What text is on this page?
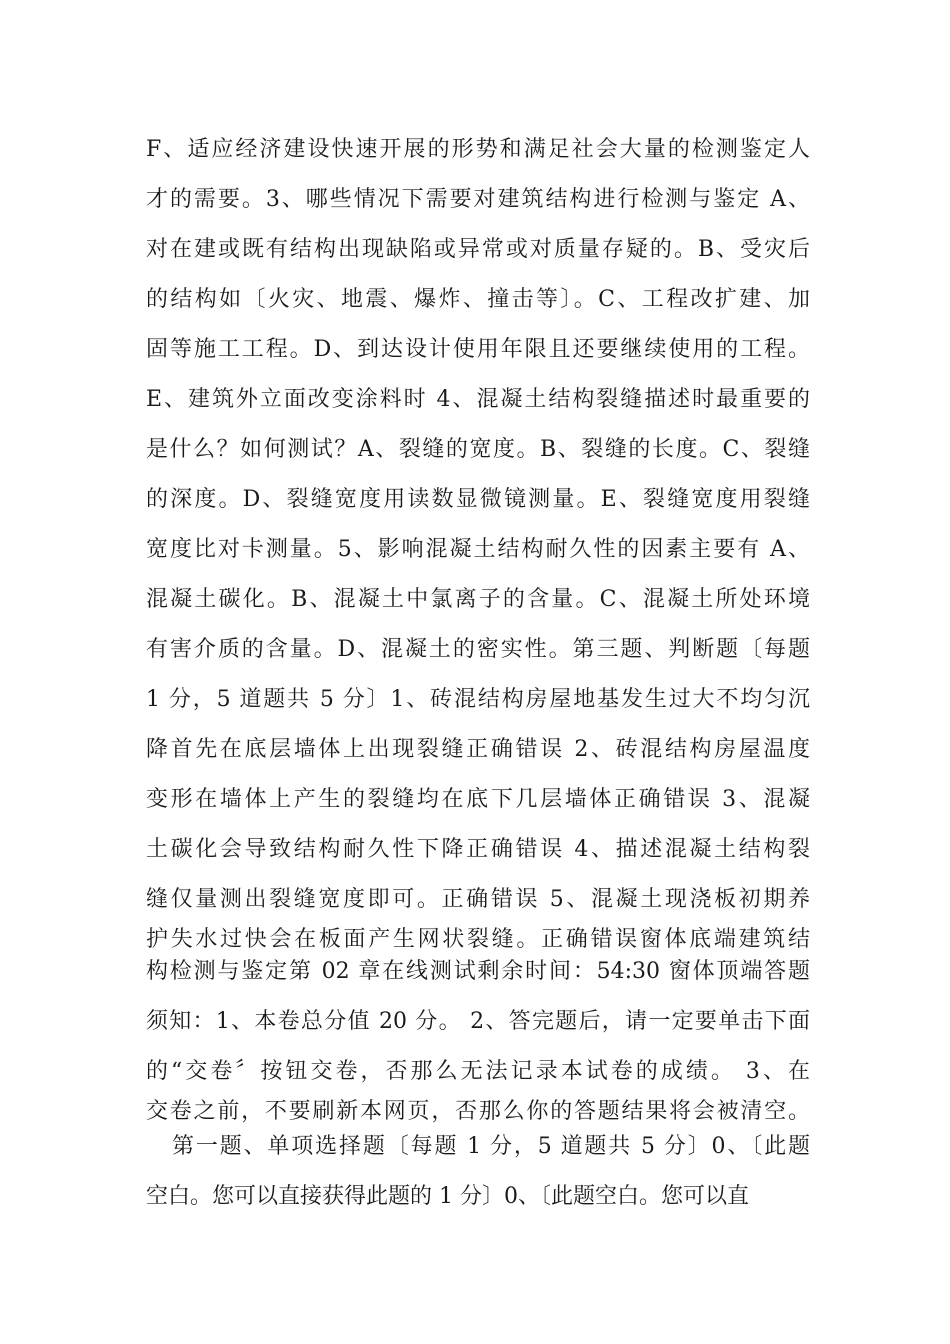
F、适应经济建设快速开展的形势和满足社会大量的检测鉴定人
才的需要。3、哪些情况下需要对建筑结构进行检测与鉴定 A、
对在建或既有结构出现缺陷或异常或对质量存疑的。B、受灾后
的结构如〔火灾、地震、爆炸、撞击等〕。C、工程改扩建、加
固等施工工程。D、到达设计使用年限且还要继续使用的工程。
E、建筑外立面改变涂料时 4、混凝土结构裂缝描述时最重要的
是什么？如何测试？A、裂缝的宽度。B、裂缝的长度。C、裂缝
的深度。D、裂缝宽度用读数显微镜测量。E、裂缝宽度用裂缝
宽度比对卡测量。5、影响混凝土结构耐久性的因素主要有 A、
混凝土碳化。B、混凝土中氯离子的含量。C、混凝土所处环境
有害介质的含量。D、混凝土的密实性。第三题、判断题〔每题
1 分，5 道题共 5 分〕1、砖混结构房屋地基发生过大不均匀沉
降首先在底层墙体上出现裂缝正确错误 2、砖混结构房屋温度
变形在墙体上产生的裂缝均在底下几层墙体正确错误 3、混凝
土碳化会导致结构耐久性下降正确错误 4、描述混凝土结构裂
缝仅量测出裂缝宽度即可。正确错误 5、混凝土现浇板初期养
护失水过快会在板面产生网状裂缝。正确错误窗体底端建筑结
构检测与鉴定第 02 章在线测试剩余时间：54:30 窗体顶端答题
须知：1、本卷总分值 20 分。 2、答完题后，请一定要单击下面
的“交卷〞按钮交卷，否那么无法记录本试卷的成绩。 3、在
交卷之前，不要刷新本网页，否那么你的答题结果将会被清空。
第一题、单项选择题〔每题 1 分，5 道题共 5 分〕0、〔此题
空白。您可以直接获得此题的 1 分〕0、〔此题空白。您可以直
